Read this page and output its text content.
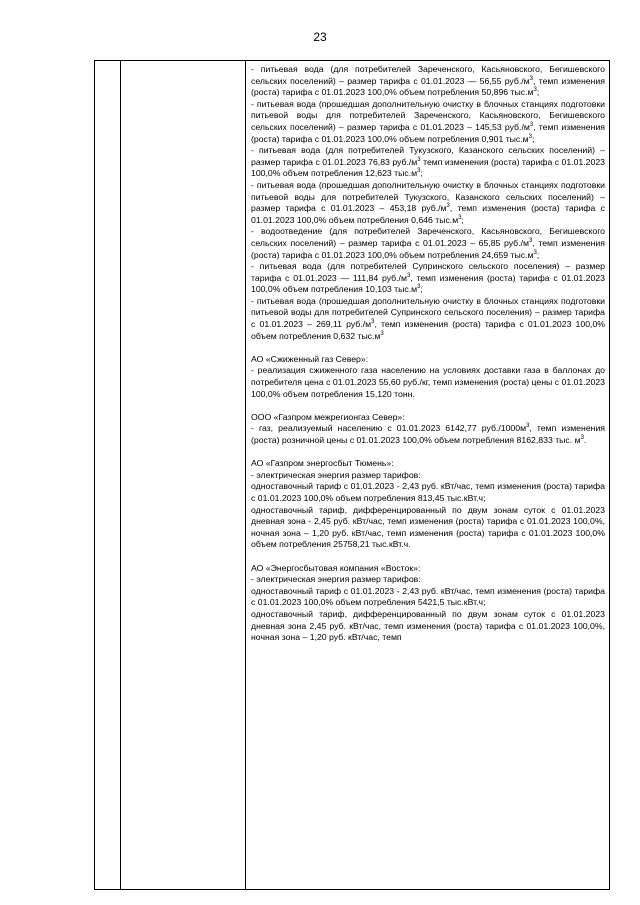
23

- питьевая вода (для потребителей Зареченского, Касьяновского, Бегишевского сельских поселений) – размер тарифа с 01.01.2023 — 56,55 $руб./м^3$, темп изменения (роста) тарифа с 01.01.2023 100,0% объем потребления 50,896 $тыс.м^3$;

- питьевая вода (прошедшая дополнительную очистку в блочных станциях подготовки питьевой воды для потребителей Зареченского, Касьяновского, Бегишевского сельских поселений) – размер тарифа с 01.01.2023 – 145,53 $руб./м^3$, темп изменения (роста) тарифа с 01.01.2023 100,0% объем потребления 0,901 $тыс.м^3$;

- питьевая вода (для потребителей Тукузского, Казанского сельских поселений) – размер тарифа с 01.01.2023 76,83 $руб./м^3$ темп изменения (роста) тарифа с 01.01.2023 100,0% объем потребления 12,623 $тыс.м^3$;

- питьевая вода (прошедшая дополнительную очистку в блочных станциях подготовки питьевой воды для потребителей Тукузского, Казанского сельских поселений) – размер тарифа с 01.01.2023 – 453,18 $руб./м^3$, темп изменения (роста) тарифа с 01.01.2023 100,0% объем потребления 0,646 $тыс.м^3$;

- водоотведение (для потребителей Зареченского, Касьяновского, Бегишевского сельских поселений) – размер тарифа с 01.01.2023 – 65,85 $руб./м^3$, темп изменения (роста) тарифа с 01.01.2023 100,0% объем потребления 24,659 $тыс.м^3$;

- питьевая вода (для потребителей Супринского сельского поселения) – размер тарифа с 01.01.2023 — 111,84 $руб./м^3$, темп изменения (роста) тарифа с 01.01.2023 100,0% объем потребления 10,103 $тыс.м^3$;

- питьевая вода (прошедшая дополнительную очистку в блочных станциях подготовки питьевой воды для потребителей Супринского сельского поселения) – размер тарифа с 01.01.2023 – 269,11 $руб./м^3$, темп изменения (роста) тарифа с 01.01.2023 100,0% объем потребления 0,632 $тыс.м^3$

АО «Сжиженный газ Север»:

- реализация сжиженного газа населению на условиях доставки газа в баллонах до потребителя цена с 01.01.2023 55,60 руб./кг, темп изменения (роста) цены с 01.01.2023 100,0% объем потребления 15,120 тонн.

ООО «Газпром межрегионгаз Север»:

- газ, реализуемый населению с 01.01.2023 6142,77 $руб./1000м^3$, темп изменения (роста) розничной цены с 01.01.2023 100,0% объем потребления 8162,833 тыс. $м^3$.

АО «Газпром энергосбыт Тюмень»:

- электрическая энергия размер тарифов:

одноставочный тариф с 01.01.2023 - 2,43 руб. кВт/час, темп изменения (роста) тарифа с 01.01.2023 100,0% объем потребления 813,45 тыс.кВт.ч;

одноставочный тариф, дифференцированный по двум зонам суток с 01.01.2023 дневная зона - 2,45 руб. кВт/час, темп изменения (роста) тарифа с 01.01.2023 100,0%, ночная зона – 1,20 руб. кВт/час, темп изменения (роста) тарифа с 01.01.2023 100,0% объем потребления 25758,21 тыс.кВт.ч.

АО «Энергосбытовая компания «Восток»:

- электрическая энергия размер тарифов:

одноставочный тариф с 01.01.2023 - 2,43 руб. кВт/час, темп изменения (роста) тарифа с 01.01.2023 100,0% объем потребления 5421,5 тыс.кВт.ч;

одноставочный тариф, дифференцированный по двум зонам суток с 01.01.2023 дневная зона 2,45 руб. кВт/час, темп изменения (роста) тарифа с 01.01.2023 100,0%, ночная зона – 1,20 руб. кВт/час, темп
